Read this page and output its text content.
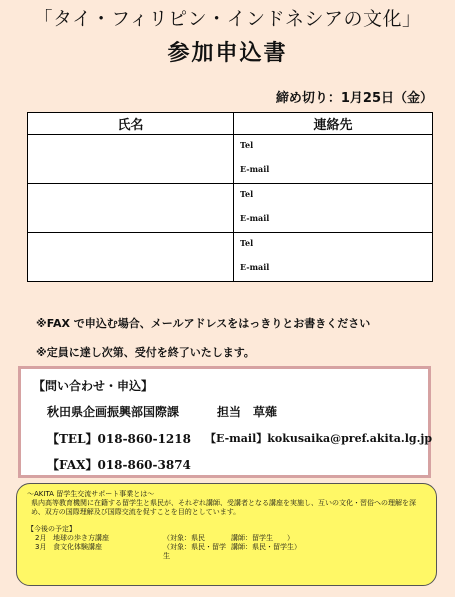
「タイ・フィリピン・インドネシアの文化」
参加申込書
締め切り：1月25日（金）
氏名	連絡先

	Tel
E-mail

	Tel
E-mail

	Tel
E-mail
※FAX で申込む場合、メールアドレスをはっきりとお書きください
※定員に達し次第、受付を終了いたします。
【問い合わせ・申込】
秋田県企画振興部国際課	担当　草薙
【TEL】018-860-1218 【E-mail】kokusaika@pref.akita.lg.jp
【FAX】018-860-3874
～AKITA 留学生交流サポート事業とは～
県内高等教育機関に在籍する留学生と県民が、それぞれ講師、受講者となる講座を実施し、互いの文化・習俗への理解を深め、双方の国際理解及び国際交流を促すことを目的としています。
【今後の予定】
2月 地球の歩き方講座	（対象：県民	講師：留学生　　）
3月 食文化体験講座	（対象：県民・留学生
講師：県民・留学生）
